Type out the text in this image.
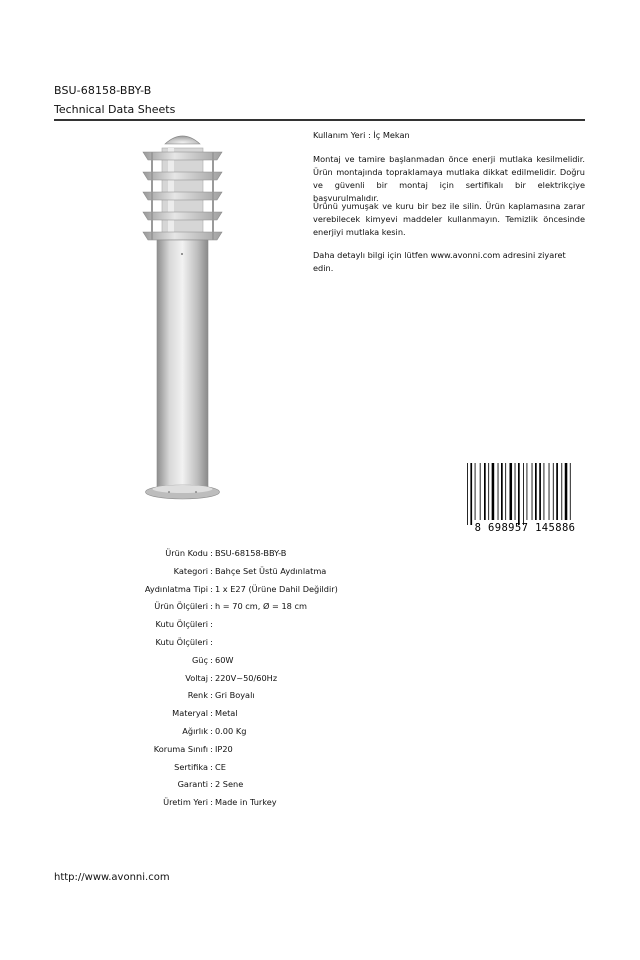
BSU-68158-BBY-B
Technical Data Sheets
Kullanım Yeri : İç Mekan
Montaj ve tamire başlanmadan önce enerji mutlaka kesilmelidir. Ürün montajında topraklamaya mutlaka dikkat edilmelidir. Doğru ve güvenli bir montaj için sertifikalı bir elektrikçiye başvurulmalıdır.
Ürünü yumuşak ve kuru bir bez ile silin. Ürün kaplamasına zarar verebilecek kimyevi maddeler kullanmayın. Temizlik öncesinde enerjiyi mutlaka kesin.
Daha detaylı bilgi için lütfen www.avonni.com adresini ziyaret edin.
8 698957 145886
Ürün Kodu : BSU-68158-BBY-B
Kategori : Bahçe Set Üstü Aydınlatma
Aydınlatma Tipi : 1 x E27 (Ürüne Dahil Değildir)
Ürün Ölçüleri : h = 70 cm, Ø = 18 cm
Kutu Ölçüleri :
Kutu Ölçüleri :
Güç : 60W
Voltaj : 220V~50/60Hz
Renk : Gri Boyalı
Materyal : Metal
Ağırlık : 0.00 Kg
Koruma Sınıfı : IP20
Sertifika : CE
Garanti : 2 Sene
Üretim Yeri : Made in Turkey
http://www.avonni.com
